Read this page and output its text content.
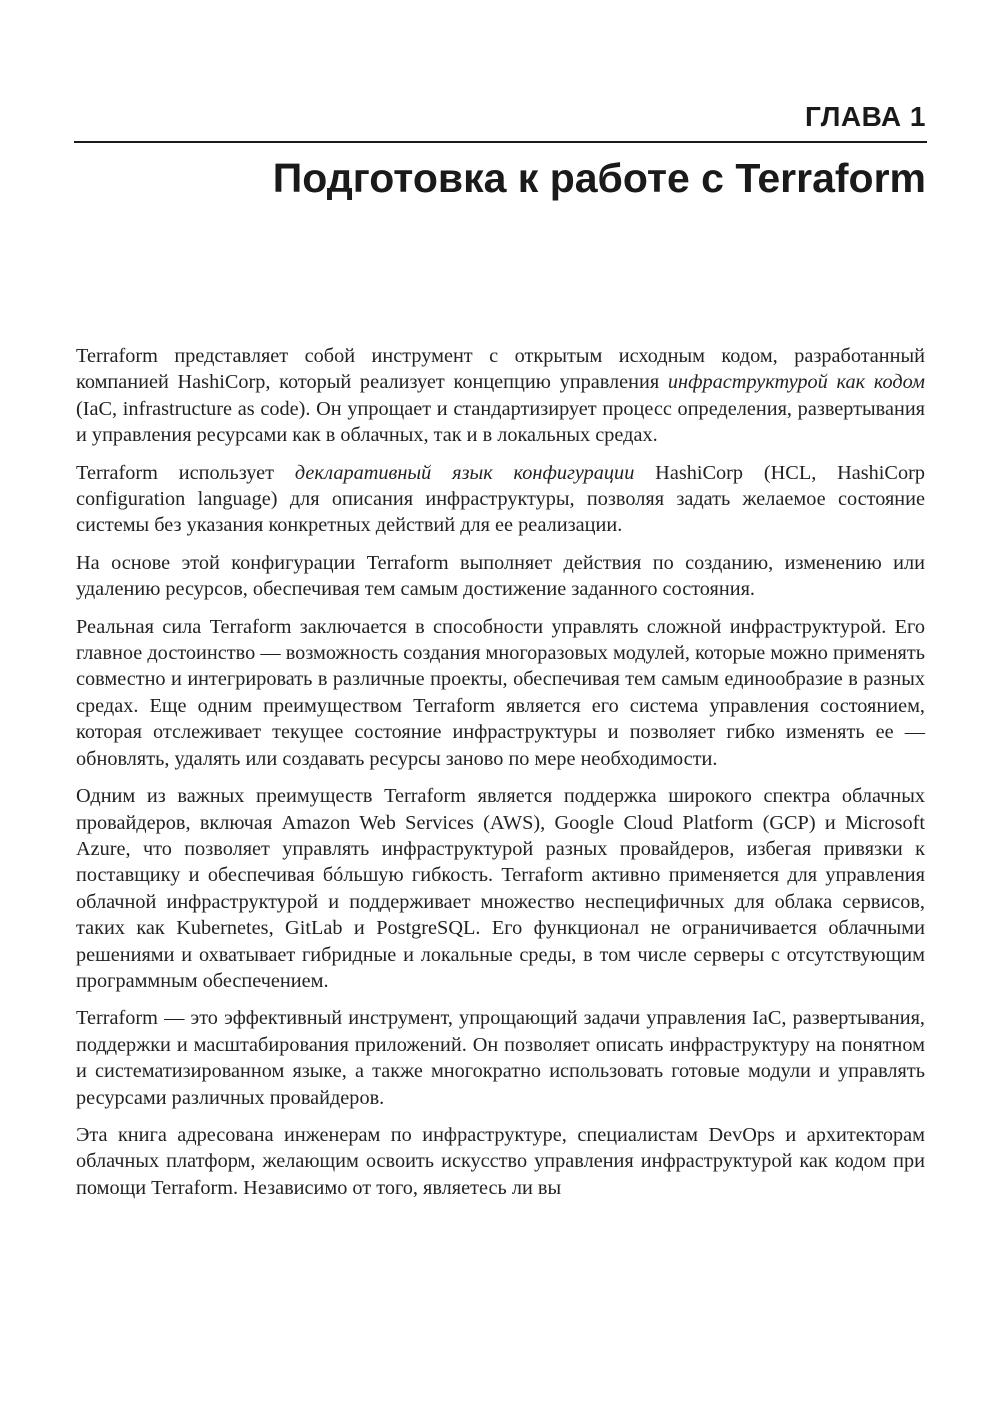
ГЛАВА 1
Подготовка к работе с Terraform

Terraform представляет собой инструмент с открытым исходным кодом, разработанный компанией HashiCorp, который реализует концепцию управления инфраструктурой как кодом (IaC, infrastructure as code). Он упрощает и стандартизирует процесс определения, развертывания и управления ресурсами как в облачных, так и в локальных средах.

Terraform использует декларативный язык конфигурации HashiCorp (HCL, HashiCorp configuration language) для описания инфраструктуры, позволяя задать желаемое состояние системы без указания конкретных действий для ее реализации.

На основе этой конфигурации Terraform выполняет действия по созданию, изменению или удалению ресурсов, обеспечивая тем самым достижение заданного состояния.

Реальная сила Terraform заключается в способности управлять сложной инфраструктурой. Его главное достоинство — возможность создания многоразовых модулей, которые можно применять совместно и интегрировать в различные проекты, обеспечивая тем самым единообразие в разных средах. Еще одним преимуществом Terraform является его система управления состоянием, которая отслеживает текущее состояние инфраструктуры и позволяет гибко изменять ее — обновлять, удалять или создавать ресурсы заново по мере необходимости.

Одним из важных преимуществ Terraform является поддержка широкого спектра облачных провайдеров, включая Amazon Web Services (AWS), Google Cloud Platform (GCP) и Microsoft Azure, что позволяет управлять инфраструктурой разных провайдеров, избегая привязки к поставщику и обеспечивая бóльшую гибкость. Terraform активно применяется для управления облачной инфраструктурой и поддерживает множество неспецифичных для облака сервисов, таких как Kubernetes, GitLab и PostgreSQL. Его функционал не ограничивается облачными решениями и охватывает гибридные и локальные среды, в том числе серверы с отсутствующим программным обеспечением.

Terraform — это эффективный инструмент, упрощающий задачи управления IaC, развертывания, поддержки и масштабирования приложений. Он позволяет описать инфраструктуру на понятном и систематизированном языке, а также многократно использовать готовые модули и управлять ресурсами различных провайдеров.

Эта книга адресована инженерам по инфраструктуре, специалистам DevOps и архитекторам облачных платформ, желающим освоить искусство управления инфраструктурой как кодом при помощи Terraform. Независимо от того, являетесь ли вы
